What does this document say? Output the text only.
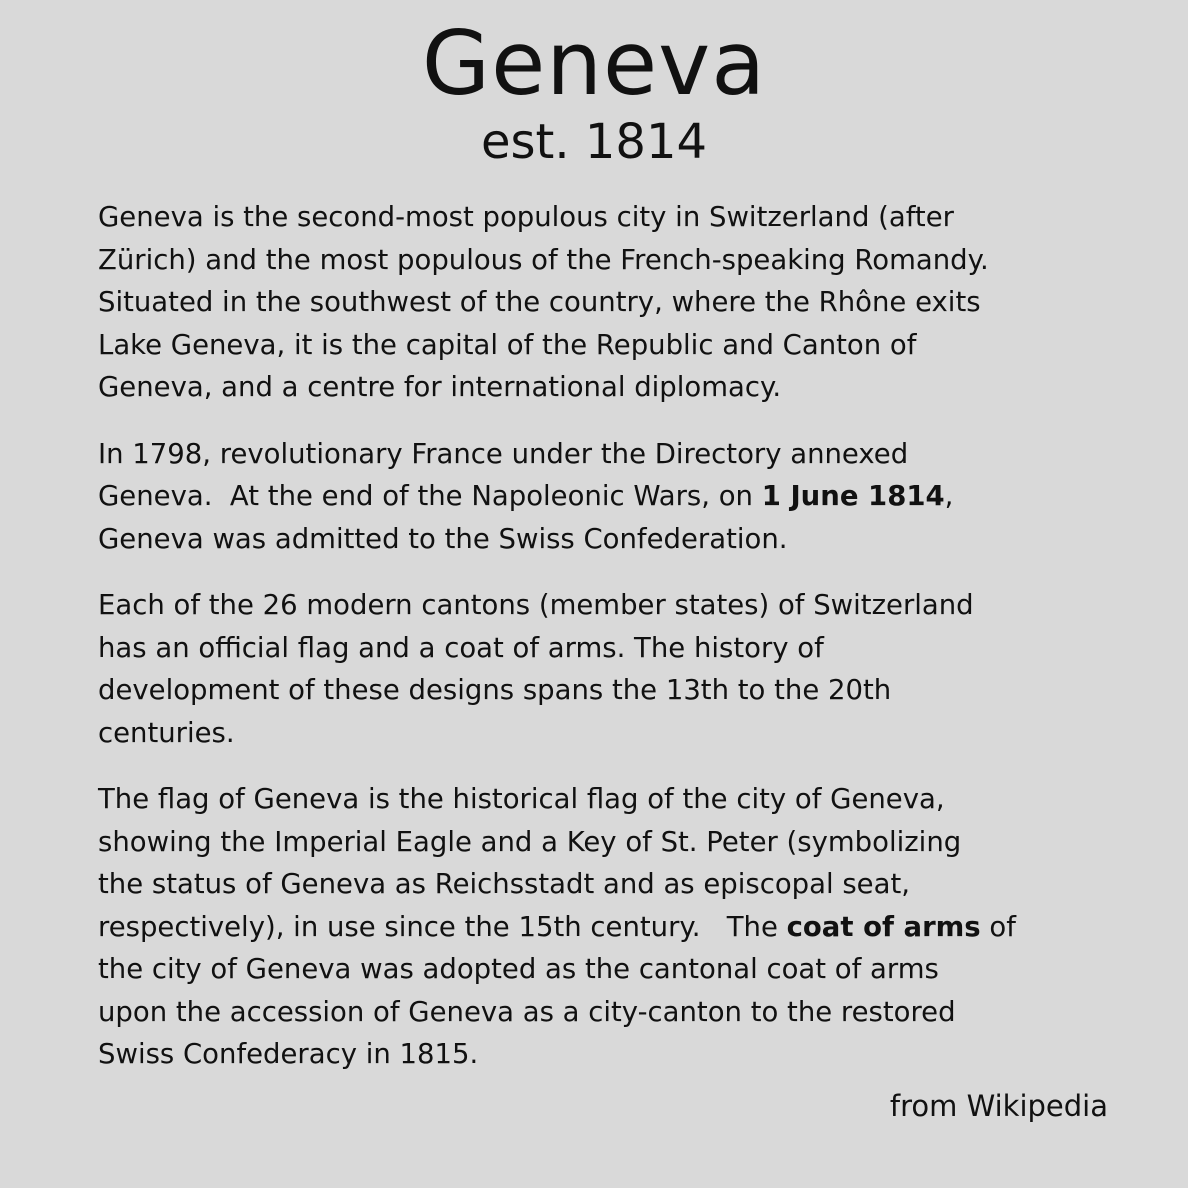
Geneva
est. 1814

Geneva is the second-most populous city in Switzerland (after
Zürich) and the most populous of the French-speaking Romandy.
Situated in the southwest of the country, where the Rhône exits
Lake Geneva, it is the capital of the Republic and Canton of
Geneva, and a centre for international diplomacy.

In 1798, revolutionary France under the Directory annexed
Geneva.  At the end of the Napoleonic Wars, on 1 June 1814,
Geneva was admitted to the Swiss Confederation.

Each of the 26 modern cantons (member states) of Switzerland
has an official flag and a coat of arms. The history of
development of these designs spans the 13th to the 20th
centuries.

The flag of Geneva is the historical flag of the city of Geneva,
showing the Imperial Eagle and a Key of St. Peter (symbolizing
the status of Geneva as Reichsstadt and as episcopal seat,
respectively), in use since the 15th century.   The coat of arms of
the city of Geneva was adopted as the cantonal coat of arms
upon the accession of Geneva as a city-canton to the restored
Swiss Confederacy in 1815.

from Wikipedia
